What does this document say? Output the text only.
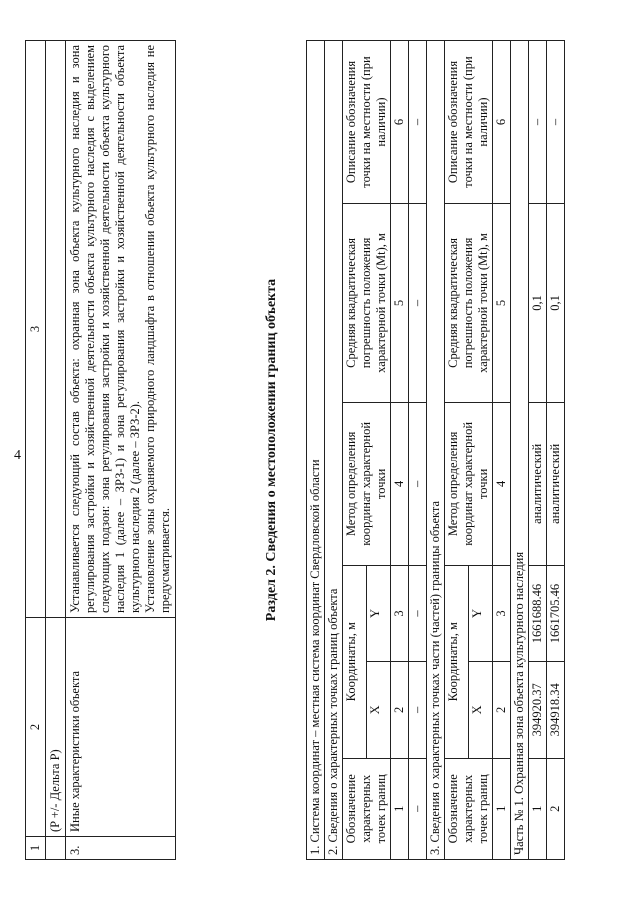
4
1	2	3
	(P +/- Дельта P)	
3.	Иные характеристики объекта	Устанавливается следующий состав объекта: охранная зона объекта культурного наследия и зона регулирования застройки и хозяйственной деятельности объекта культурного наследия с выделением следующих подзон: зона регулирования застройки и хозяйственной деятельности объекта культурного наследия 1 (далее – ЗРЗ-1) и зона регулирования застройки и хозяйственной деятельности объекта культурного наследия 2 (далее – ЗРЗ-2). Установление зоны охраняемого природного ландшафта в отношении объекта культурного наследия не предусматривается.	Раздел 2. Сведения о местоположении границ объекта
1. Система координат – местная система координат Свердловской области					
2. Сведения о характерных точках границ объекта					
Обозначение характерных точек границ	Координаты, м		Метод определения координат характерной точки	Средняя квадратическая погрешность положения характерной точки (Mt), м	Описание обозначения точки на местности (при наличии)
	X	Y			
1	2	3	4	5	6
–	–	–	–	–	–
3. Сведения о характерных точках части (частей) границы объекта					
Обозначение характерных точек границ	Координаты, м		Метод определения координат характерной точки	Средняя квадратическая погрешность положения характерной точки (Mt), м	Описание обозначения точки на местности (при наличии)
	X	Y			
1	2	3	4	5	6
Часть № 1. Охранная зона объекта культурного наследия					
1	394920.37	1661688.46	аналитический	0,1	–
2	394918.34	1661705.46	аналитический	0,1	–
